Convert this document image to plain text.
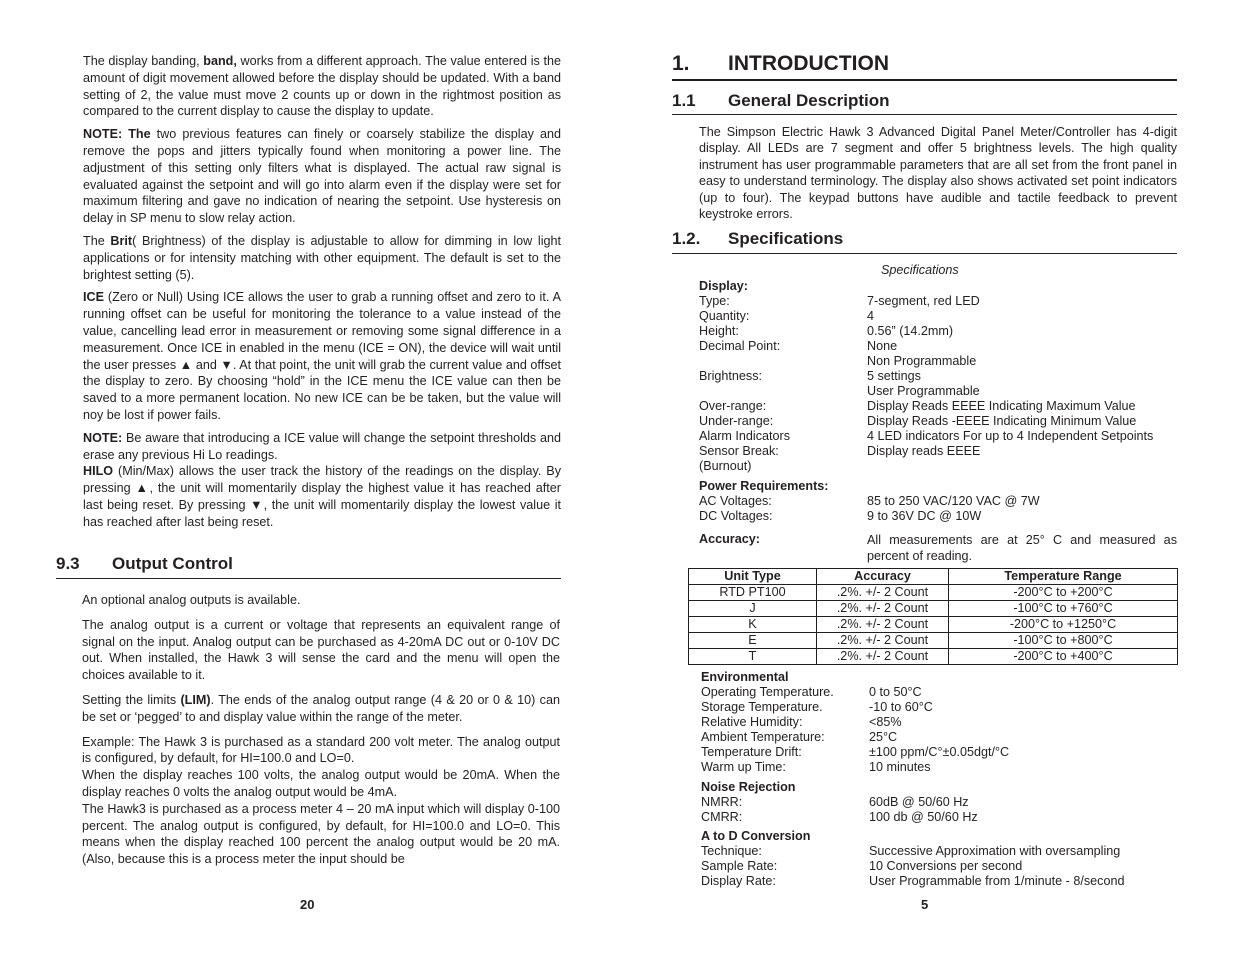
The display banding, band, works from a different approach. The value entered is the amount of digit movement allowed before the display should be updated. With a band setting of 2, the value must move 2 counts up or down in the rightmost position as compared to the current display to cause the display to update.

NOTE: The two previous features can finely or coarsely stabilize the display and remove the pops and jitters typically found when monitoring a power line. The adjustment of this setting only filters what is displayed. The actual raw signal is evaluated against the setpoint and will go into alarm even if the display were set for maximum filtering and gave no indication of nearing the setpoint. Use hysteresis on delay in SP menu to slow relay action.

The Brit( Brightness) of the display is adjustable to allow for dimming in low light applications or for intensity matching with other equipment. The default is set to the brightest setting (5).

ICE (Zero or Null) Using ICE allows the user to grab a running offset and zero to it. A running offset can be useful for monitoring the tolerance to a value instead of the value, cancelling lead error in measurement or removing some signal difference in a measurement. Once ICE in enabled in the menu (ICE = ON), the device will wait until the user presses ▲ and ▼. At that point, the unit will grab the current value and offset the display to zero. By choosing “hold” in the ICE menu the ICE value can then be saved to a more permanent location. No new ICE can be be taken, but the value will noy be lost if power fails.

NOTE: Be aware that introducing a ICE value will change the setpoint thresholds and erase any previous Hi Lo readings.

HILO (Min/Max) allows the user track the history of the readings on the display. By pressing ▲, the unit will momentarily display the highest value it has reached after last being reset. By pressing ▼, the unit will momentarily display the lowest value it has reached after last being reset.

9.3 Output Control

An optional analog outputs is available.

The analog output is a current or voltage that represents an equivalent range of signal on the input. Analog output can be purchased as 4-20mA DC out or 0-10V DC out. When installed, the Hawk 3 will sense the card and the menu will open the choices available to it.

Setting the limits (LIM). The ends of the analog output range (4 & 20 or 0 & 10) can be set or ‘pegged’ to and display value within the range of the meter.

Example: The Hawk 3 is purchased as a standard 200 volt meter. The analog output is configured, by default, for HI=100.0 and LO=0.

When the display reaches 100 volts, the analog output would be 20mA. When the display reaches 0 volts the analog output would be 4mA.

The Hawk3 is purchased as a process meter 4 – 20 mA input which will display 0-100 percent. The analog output is configured, by default, for HI=100.0 and LO=0. This means when the display reached 100 percent the analog output would be 20 mA. (Also, because this is a process meter the input should be

20
1. INTRODUCTION
1.1 General Description

The Simpson Electric Hawk 3 Advanced Digital Panel Meter/Controller has 4-digit display. All LEDs are 7 segment and offer 5 brightness levels. The high quality instrument has user programmable parameters that are all set from the front panel in easy to understand terminology. The display also shows activated set point indicators (up to four). The keypad buttons have audible and tactile feedback to prevent keystroke errors.

1.2. Specifications
Specifications
Display:
Type:	7-segment, red LED
Quantity:	4
Height:	0.56” (14.2mm)
Decimal Point:	None
Non Programmable
Brightness:	5 settings
User Programmable
Over-range:	Display Reads EEEE Indicating Maximum Value
Under-range:	Display Reads -EEEE Indicating Minimum Value
Alarm Indicators	4 LED indicators For up to 4 Independent Setpoints
Sensor Break:	Display reads EEEE
(Burnout)
Power Requirements:
AC Voltages:	85 to 250 VAC/120 VAC @ 7W
DC Voltages:	9 to 36V DC @ 10W
Accuracy:	All measurements are at 25° C and measured as percent of reading.
Unit Type	Accuracy	Temperature Range
RTD PT100	.2%. +/- 2 Count	-200°C to +200°C
J	.2%. +/- 2 Count	-100°C to +760°C
K	.2%. +/- 2 Count	-200°C to +1250°C
E	.2%. +/- 2 Count	-100°C to +800°C
T	.2%. +/- 2 Count	-200°C to +400°C
Environmental
Operating Temperature.	0 to 50°C
Storage Temperature.	-10 to 60°C
Relative Humidity:	<85%
Ambient Temperature:	25°C
Temperature Drift:	±100 ppm/C°±0.05dgt/°C
Warm up Time:	10 minutes
Noise Rejection
NMRR:	60dB @ 50/60 Hz
CMRR:	100 db @ 50/60 Hz
A to D Conversion
Technique:	Successive Approximation with oversampling
Sample Rate:	10 Conversions per second
Display Rate:	User Programmable from 1/minute - 8/second
5
